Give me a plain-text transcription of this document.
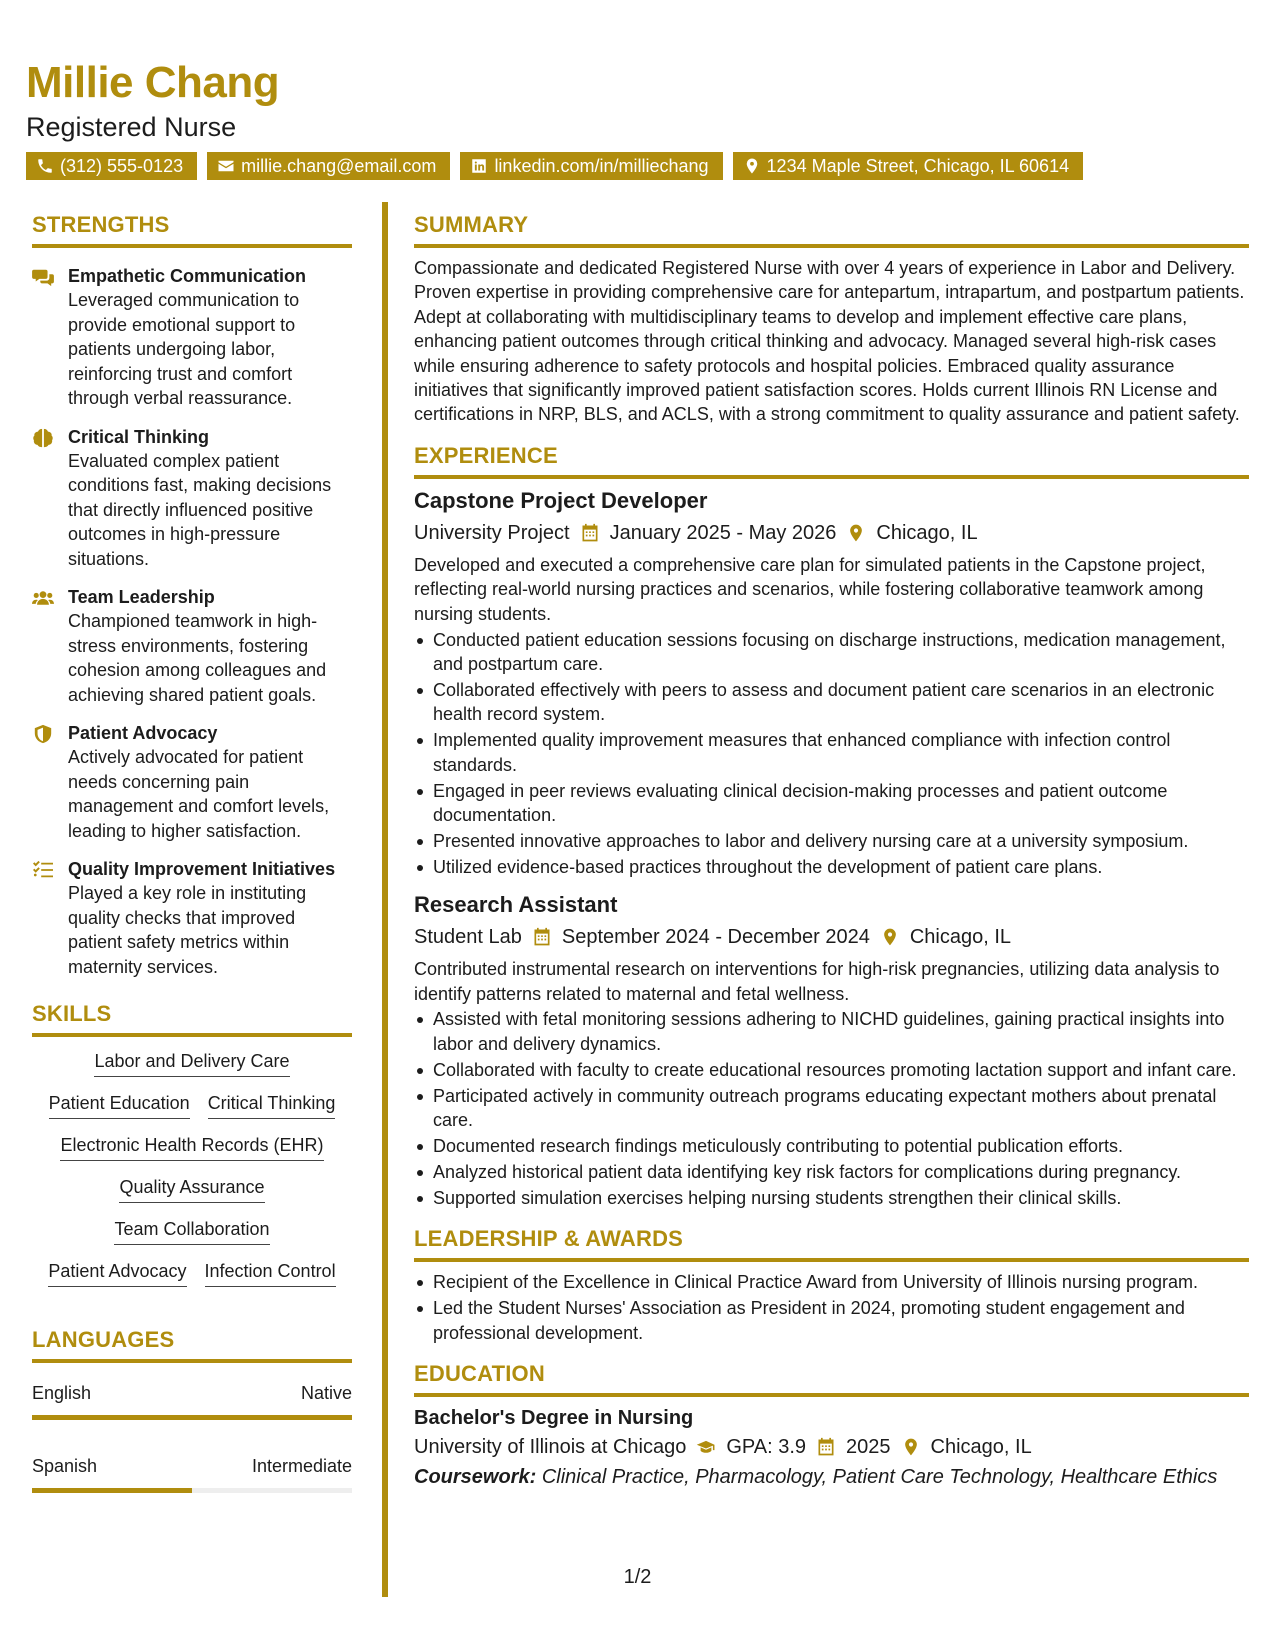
Millie Chang
Registered Nurse
(312) 555-0123	millie.chang@email.com	linkedin.com/in/milliechang	1234 Maple Street, Chicago, IL 60614
STRENGTHS
Empathetic Communication
Leveraged communication to provide emotional support to patients undergoing labor, reinforcing trust and comfort through verbal reassurance.
Critical Thinking
Evaluated complex patient conditions fast, making decisions that directly influenced positive outcomes in high-pressure situations.
Team Leadership
Championed teamwork in high-stress environments, fostering cohesion among colleagues and achieving shared patient goals.
Patient Advocacy
Actively advocated for patient needs concerning pain management and comfort levels, leading to higher satisfaction.
Quality Improvement Initiatives
Played a key role in instituting quality checks that improved patient safety metrics within maternity services.
SKILLS
Labor and Delivery Care
Patient Education Critical Thinking
Electronic Health Records (EHR)
Quality Assurance
Team Collaboration
Patient Advocacy Infection Control
LANGUAGES
English	Native
Spanish	Intermediate
SUMMARY
Compassionate and dedicated Registered Nurse with over 4 years of experience in Labor and Delivery. Proven expertise in providing comprehensive care for antepartum, intrapartum, and postpartum patients. Adept at collaborating with multidisciplinary teams to develop and implement effective care plans, enhancing patient outcomes through critical thinking and advocacy. Managed several high-risk cases while ensuring adherence to safety protocols and hospital policies. Embraced quality assurance initiatives that significantly improved patient satisfaction scores. Holds current Illinois RN License and certifications in NRP, BLS, and ACLS, with a strong commitment to quality assurance and patient safety.
EXPERIENCE
Capstone Project Developer
University Project January 2025 - May 2026 Chicago, IL
Developed and executed a comprehensive care plan for simulated patients in the Capstone project, reflecting real-world nursing practices and scenarios, while fostering collaborative teamwork among nursing students.
Conducted patient education sessions focusing on discharge instructions, medication management, and postpartum care.
Collaborated effectively with peers to assess and document patient care scenarios in an electronic health record system.
Implemented quality improvement measures that enhanced compliance with infection control standards.
Engaged in peer reviews evaluating clinical decision-making processes and patient outcome documentation.
Presented innovative approaches to labor and delivery nursing care at a university symposium.
Utilized evidence-based practices throughout the development of patient care plans.
Research Assistant
Student Lab September 2024 - December 2024 Chicago, IL
Contributed instrumental research on interventions for high-risk pregnancies, utilizing data analysis to identify patterns related to maternal and fetal wellness.
Assisted with fetal monitoring sessions adhering to NICHD guidelines, gaining practical insights into labor and delivery dynamics.
Collaborated with faculty to create educational resources promoting lactation support and infant care.
Participated actively in community outreach programs educating expectant mothers about prenatal care.
Documented research findings meticulously contributing to potential publication efforts.
Analyzed historical patient data identifying key risk factors for complications during pregnancy.
Supported simulation exercises helping nursing students strengthen their clinical skills.
LEADERSHIP & AWARDS
Recipient of the Excellence in Clinical Practice Award from University of Illinois nursing program.
Led the Student Nurses' Association as President in 2024, promoting student engagement and professional development.
EDUCATION
Bachelor's Degree in Nursing
University of Illinois at Chicago GPA: 3.9 2025 Chicago, IL
Coursework: Clinical Practice, Pharmacology, Patient Care Technology, Healthcare Ethics
1/2
